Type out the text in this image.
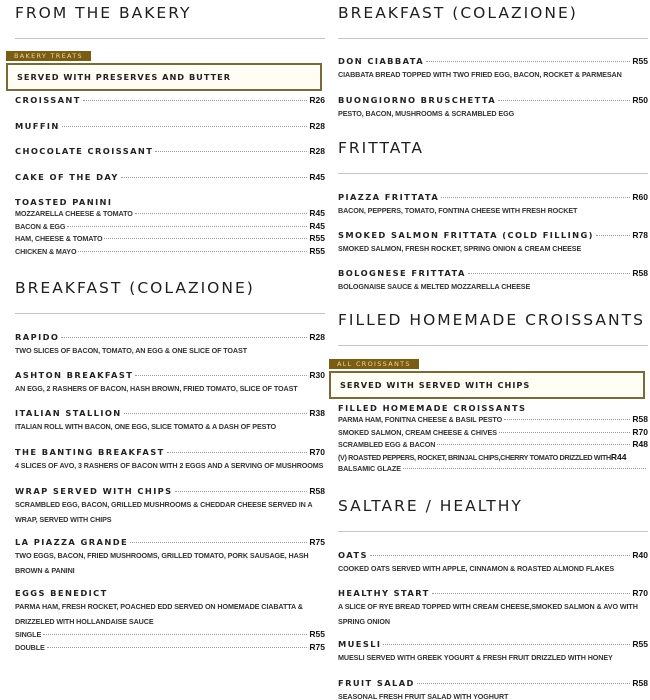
FROM THE BAKERY
BAKERY TREATS
SERVED WITH PRESERVES AND BUTTER
CROISSANT	R26
MUFFIN	R28
CHOCOLATE CROISSANT	R28
CAKE OF THE DAY	R45
TOASTED PANINI
MOZZARELLA CHEESE & TOMATO	R45
BACON & EGG	R45
HAM, CHEESE & TOMATO	R55
CHICKEN & MAYO	R55
BREAKFAST (COLAZIONE)
RAPIDO	R28
TWO SLICES OF BACON, TOMATO, AN EGG & ONE SLICE OF TOAST
ASHTON BREAKFAST	R30
AN EGG, 2 RASHERS OF BACON, HASH BROWN, FRIED TOMATO, SLICE OF TOAST
ITALIAN STALLION	R38
ITALIAN ROLL WITH BACON, ONE EGG, SLICE TOMATO & A DASH OF PESTO
THE BANTING BREAKFAST	R70
4 SLICES OF AVO, 3 RASHERS OF BACON WITH 2 EGGS AND A SERVING OF MUSHROOMS
WRAP SERVED WITH CHIPS	R58
SCRAMBLED EGG, BACON, GRILLED MUSHROOMS & CHEDDAR CHEESE SERVED IN A WRAP, SERVED WITH CHIPS
LA PIAZZA GRANDE	R75
TWO EGGS, BACON, FRIED MUSHROOMS, GRILLED TOMATO, PORK SAUSAGE, HASH BROWN & PANINI
EGGS BENEDICT
PARMA HAM, FRESH ROCKET, POACHED EDD SERVED ON HOMEMADE CIABATTA & DRIZZELED WITH HOLLANDAISE SAUCE
SINGLE	R55
DOUBLE	R75
BREAKFAST (COLAZIONE)
DON CIABBATA	R55
CIABBATA BREAD TOPPED WITH TWO FRIED EGG, BACON, ROCKET & PARMESAN
BUONGIORNO BRUSCHETTA	R50
PESTO, BACON, MUSHROOMS & SCRAMBLED EGG
FRITTATA
PIAZZA FRITTATA	R60
BACON, PEPPERS, TOMATO, FONTINA CHEESE WITH FRESH ROCKET
SMOKED SALMON FRITTATA (COLD FILLING)	R78
SMOKED SALMON, FRESH ROCKET, SPRING ONION & CREAM CHEESE
BOLOGNESE FRITTATA	R58
BOLOGNAISE SAUCE & MELTED MOZZARELLA CHEESE
FILLED HOMEMADE CROISSANTS
ALL CROISSANTS
SERVED WITH SERVED WITH CHIPS
FILLED HOMEMADE CROISSANTS
PARMA HAM, FONITNA CHEESE & BASIL PESTO	R58
SMOKED SALMON, CREAM CHEESE & CHIVES	R70
SCRAMBLED EGG & BACON	R48
(V) ROASTED PEPPERS, ROCKET, BRINJAL CHIPS,CHERRY TOMATO DRIZZLED WITH R44
BALSAMIC GLAZE
SALTARE / HEALTHY
OATS	R40
COOKED OATS SERVED WITH APPLE, CINNAMON & ROASTED ALMOND FLAKES
HEALTHY START	R70
A SLICE OF RYE BREAD TOPPED WITH CREAM CHEESE,SMOKED SALMON & AVO WITH SPRING ONION
MUESLI	R55
MUESLI SERVED WITH GREEK YOGURT & FRESH FRUIT DRIZZLED WITH HONEY
FRUIT SALAD	R58
SEASONAL FRESH FRUIT SALAD WITH YOGHURT
